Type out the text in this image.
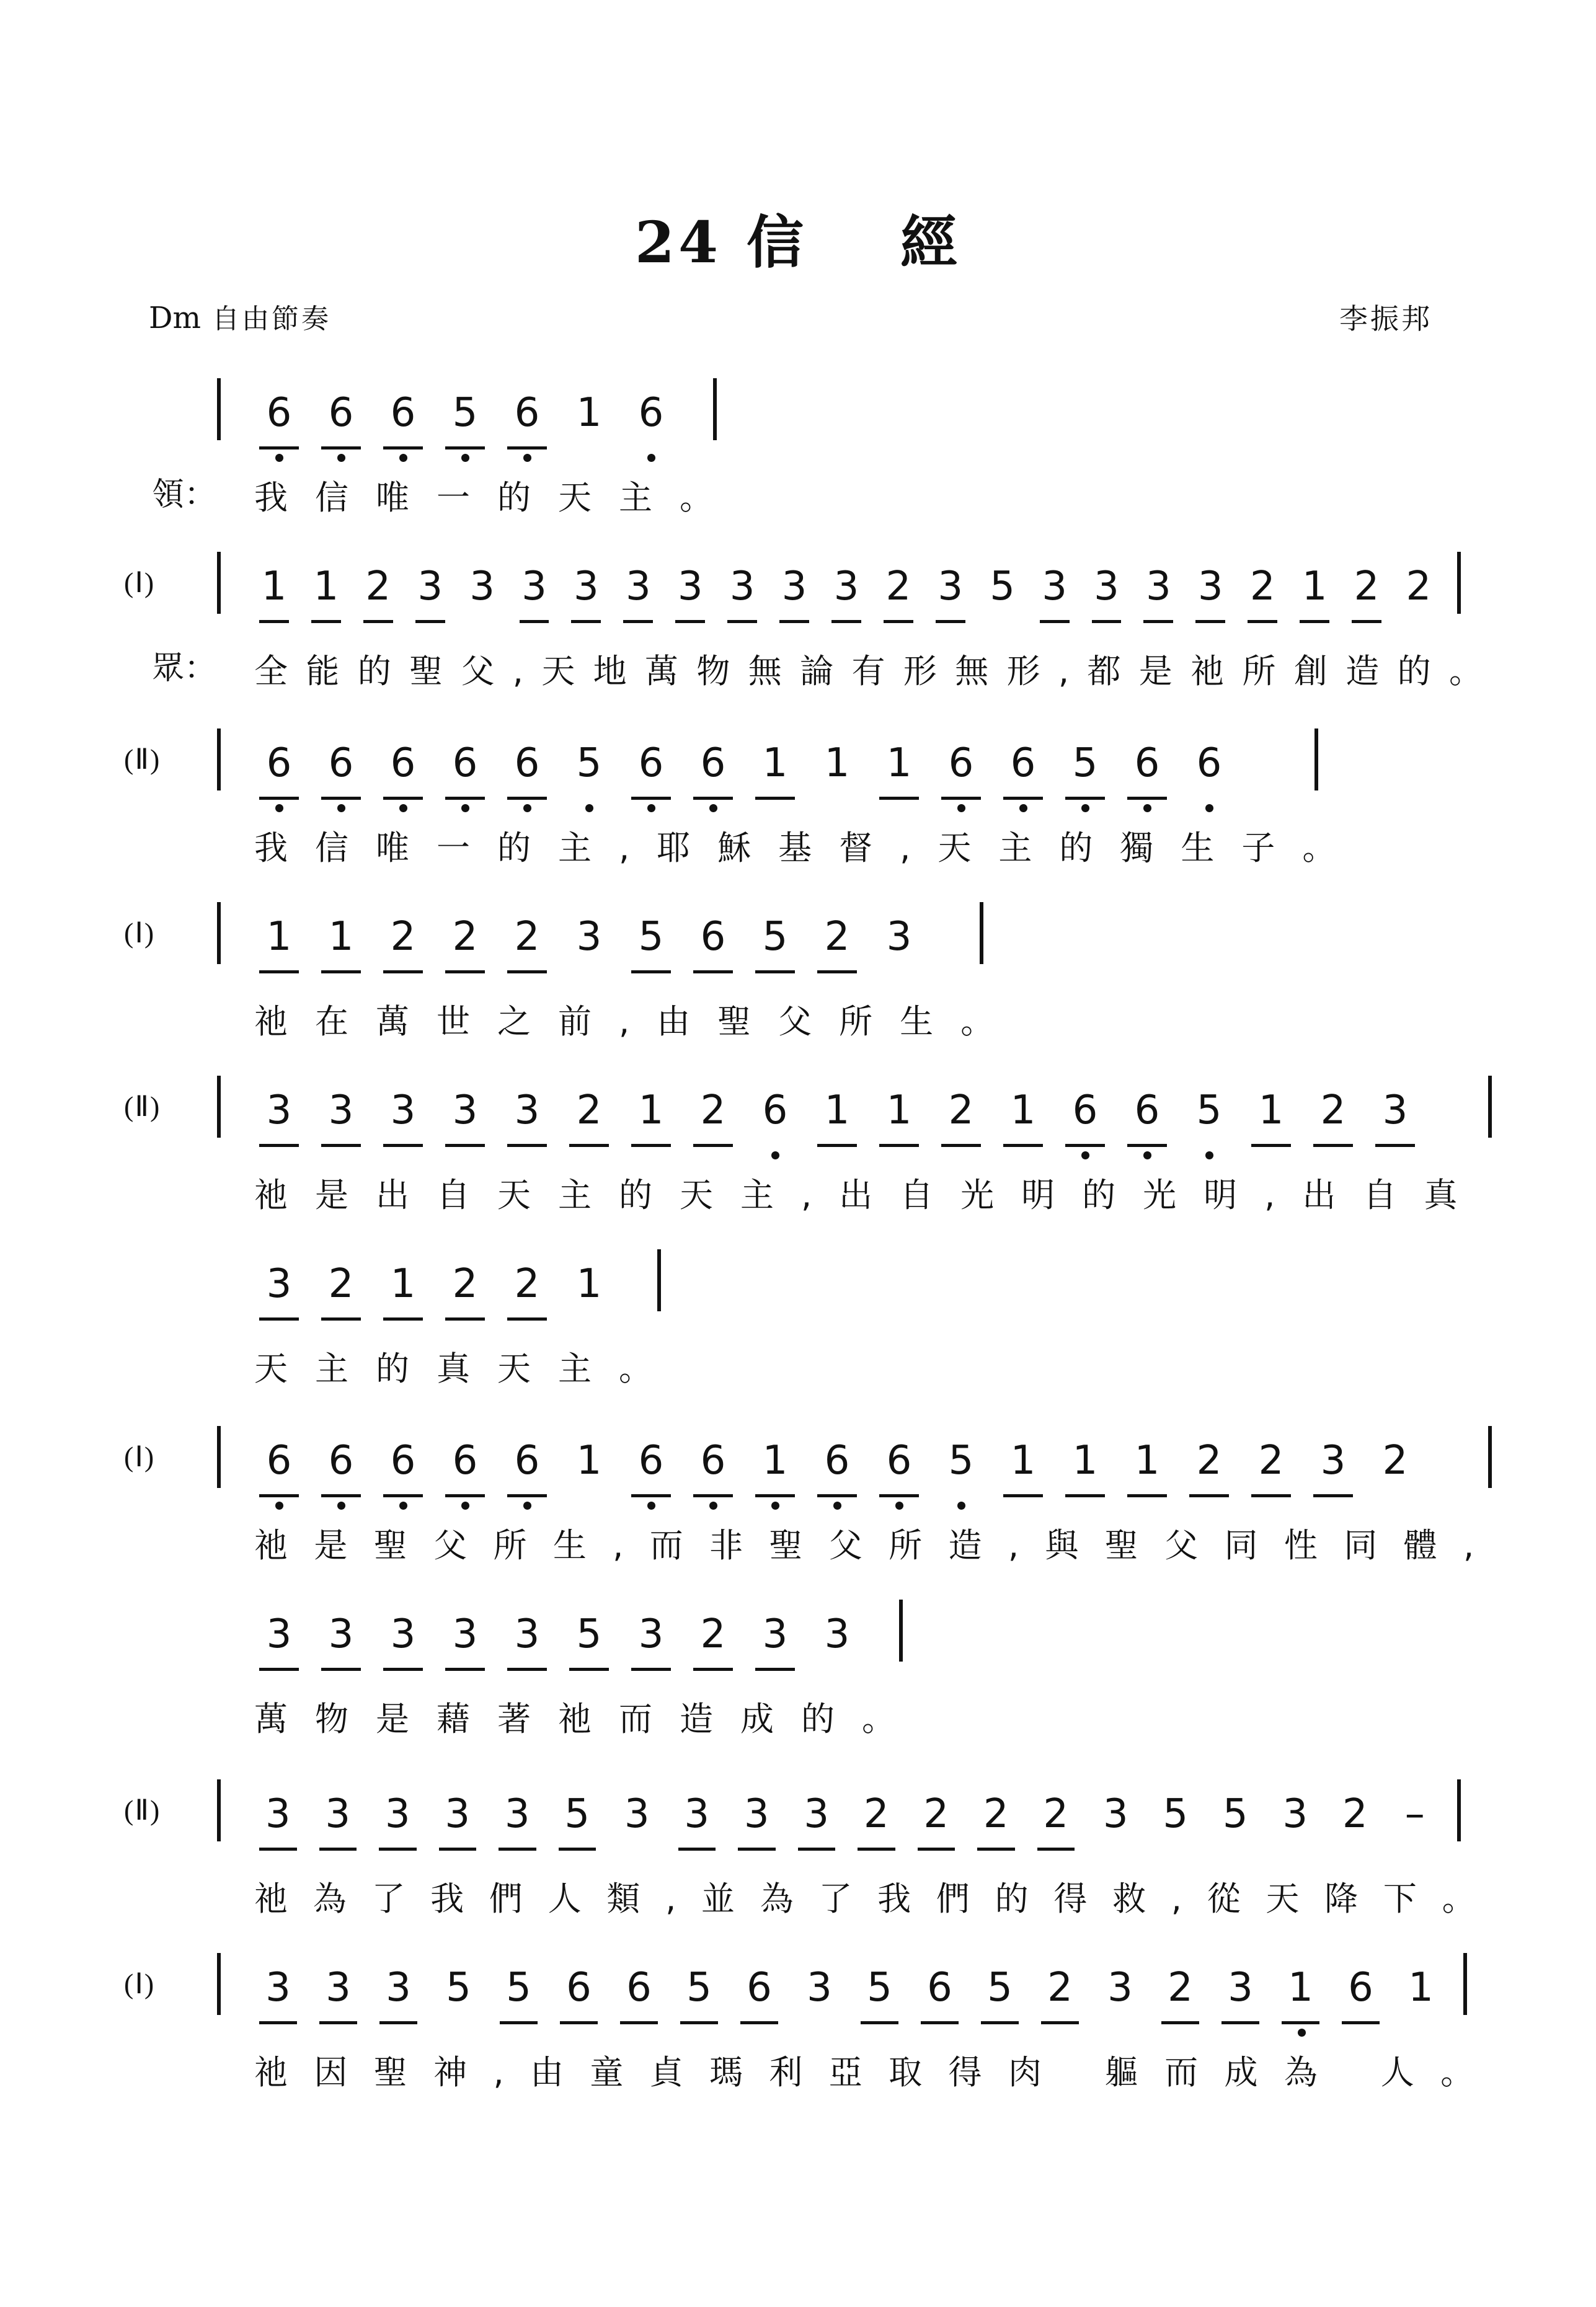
24 信 經
Dm 自由節奏	李振邦
6 6 6 5 6 1 6
領： 我信唯一的天主。
(Ⅰ)	1 1 2 3 3 3 3 3 3 3 3 3 2 3 5 3 3 3 3 2 1 2 2
眾： 全能的聖父,天地萬物無論有形無形,都是祂所創造的。
(Ⅱ)	6 6 6 6 6 5 6 6 1 1 1 6 6 5 6 6
我信唯一的主,耶穌基督,天主的獨生子。
(Ⅰ)	1 1 2 2 2 3 5 6 5 2 3
祂在萬世之前,由聖父所生。
(Ⅱ)	3 3 3 3 3 2 1 2 6 1 1 2 1 6 6 5 1 2 3
祂是出自天主的天主,出自光明的光明,出自真
3 2 1 2 2 1
天主的真天主。
(Ⅰ)	6 6 6 6 6 1 6 6 1 6 6 5 1 1 1 2 2 3 2
祂是聖父所生,而非聖父所造,與聖父同性同體,
3 3 3 3 3 5 3 2 3 3
萬物是藉著祂而造成的。
(Ⅱ)	3 3 3 3 3 5 3 3 3 3 2 2 2 2 3 5 5 3 2 –
祂為了我們人類,並為了我們的得救,從天降下。
(Ⅰ)	3 3 3 5 5 6 6 5 6 3 5 6 5 2 3 2 3 1 6 1
祂因聖神,由童貞瑪利亞取得肉 軀而成為 人。
